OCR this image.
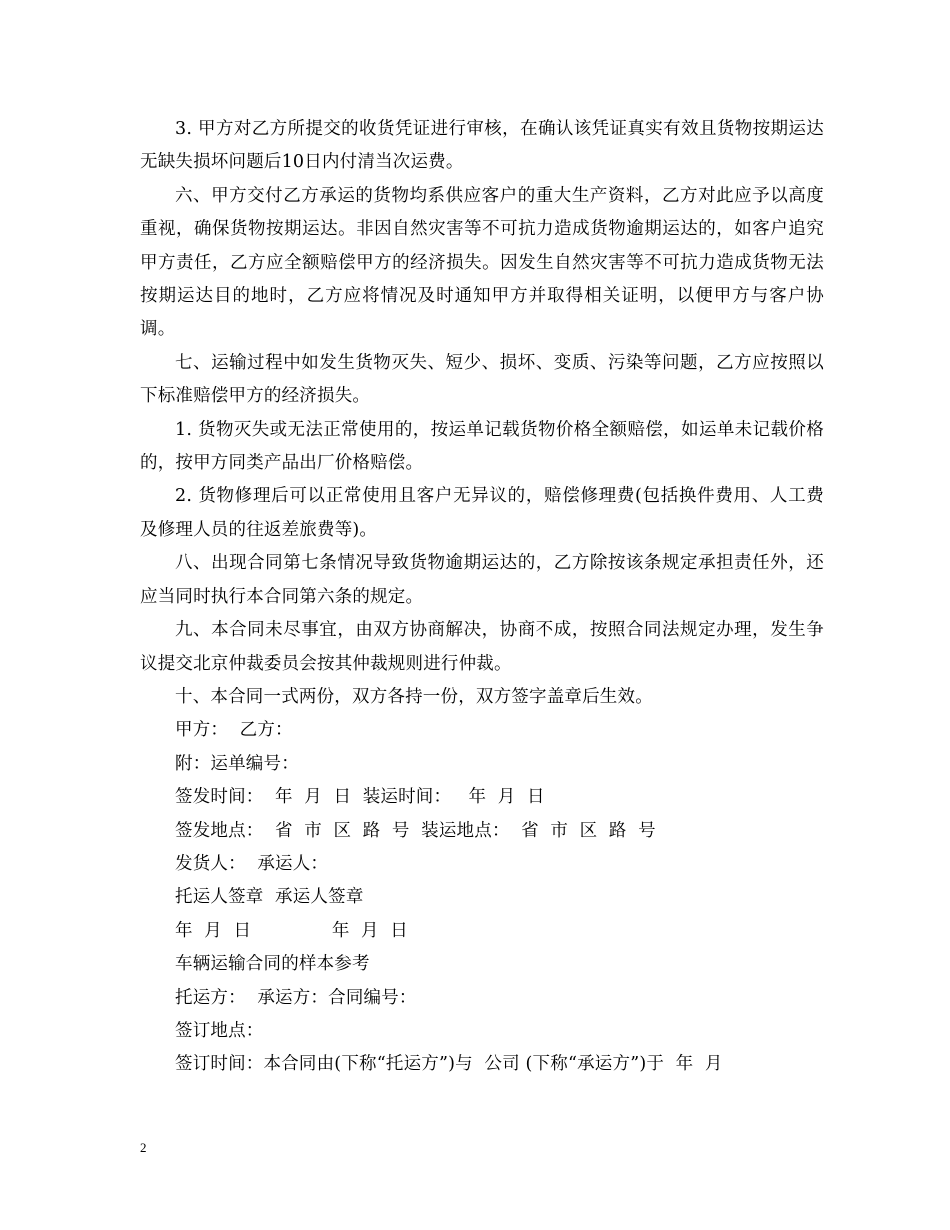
3. 甲方对乙方所提交的收货凭证进行审核，在确认该凭证真实有效且货物按期运达无缺失损坏问题后10日内付清当次运费。

六、甲方交付乙方承运的货物均系供应客户的重大生产资料，乙方对此应予以高度重视，确保货物按期运达。非因自然灾害等不可抗力造成货物逾期运达的，如客户追究甲方责任，乙方应全额赔偿甲方的经济损失。因发生自然灾害等不可抗力造成货物无法按期运达目的地时，乙方应将情况及时通知甲方并取得相关证明，以便甲方与客户协调。

七、运输过程中如发生货物灭失、短少、损坏、变质、污染等问题，乙方应按照以下标准赔偿甲方的经济损失。

1. 货物灭失或无法正常使用的，按运单记载货物价格全额赔偿，如运单未记载价格的，按甲方同类产品出厂价格赔偿。

2. 货物修理后可以正常使用且客户无异议的，赔偿修理费(包括换件费用、人工费及修理人员的往返差旅费等)。

八、出现合同第七条情况导致货物逾期运达的，乙方除按该条规定承担责任外，还应当同时执行本合同第六条的规定。

九、本合同未尽事宜，由双方协商解决，协商不成，按照合同法规定办理，发生争议提交北京仲裁委员会按其仲裁规则进行仲裁。

十、本合同一式两份，双方各持一份，双方签字盖章后生效。

甲方：  乙方：

附：运单编号：

签发时间：  年  月  日  装运时间：   年  月  日

签发地点：  省  市  区  路  号  装运地点：  省  市  区  路  号

发货人：  承运人：

托运人签章  承运人签章

年  月  日              年  月  日

车辆运输合同的样本参考

托运方：  承运方：合同编号：

签订地点：

签订时间：本合同由(下称“托运方”)与  公司 (下称“承运方”)于  年  月

2
